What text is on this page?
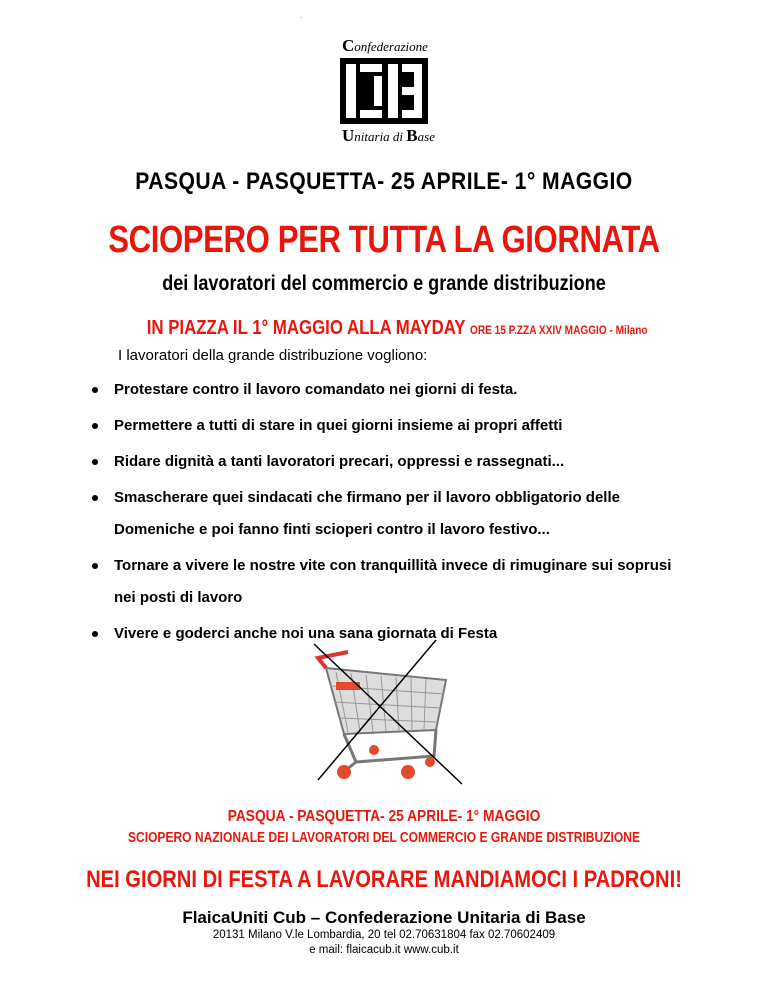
Confederazione
CUB
Unitaria di Base
PASQUA - PASQUETTA- 25 APRILE- 1° MAGGIO
SCIOPERO PER TUTTA LA GIORNATA
dei lavoratori del commercio e grande distribuzione
IN PIAZZA IL 1° MAGGIO ALLA MAYDAY ORE 15 P.ZZA XXIV MAGGIO - Milano
I lavoratori della grande distribuzione vogliono:
Protestare contro il lavoro comandato nei giorni di festa.
Permettere a tutti di stare in quei giorni insieme ai propri affetti
Ridare dignità a tanti lavoratori precari, oppressi e rassegnati...
Smascherare quei sindacati che firmano per il lavoro obbligatorio delle Domeniche e poi fanno finti scioperi contro il lavoro festivo...
Tornare a vivere le nostre vite con tranquillità invece di rimuginare sui soprusi nei posti di lavoro
Vivere e goderci anche noi una sana giornata di Festa
PASQUA - PASQUETTA- 25 APRILE- 1° MAGGIO
SCIOPERO NAZIONALE DEI LAVORATORI DEL COMMERCIO E GRANDE DISTRIBUZIONE
NEI GIORNI DI FESTA A LAVORARE MANDIAMOCI I PADRONI!
FlaicaUniti Cub – Confederazione Unitaria di Base
20131 Milano V.le Lombardia, 20 tel 02.70631804 fax 02.70602409
e mail: flaicacub.it www.cub.it
